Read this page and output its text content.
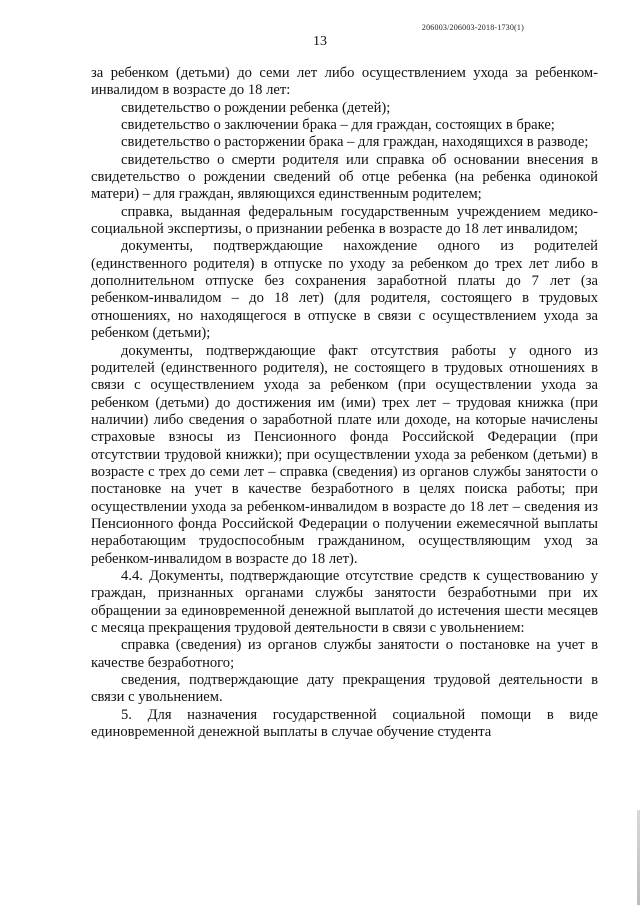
206003/206003-2018-1730(1)
13

за ребенком (детьми) до семи лет либо осуществлением ухода за ребенком-инвалидом в возрасте до 18 лет:

свидетельство о рождении ребенка (детей);

свидетельство о заключении брака – для граждан, состоящих в браке;

свидетельство о расторжении брака – для граждан, находящихся в разводе;

свидетельство о смерти родителя или справка об основании внесения в свидетельство о рождении сведений об отце ребенка (на ребенка одинокой матери) – для граждан, являющихся единственным родителем;

справка, выданная федеральным государственным учреждением медико-социальной экспертизы, о признании ребенка в возрасте до 18 лет инвалидом;

документы, подтверждающие нахождение одного из родителей (единственного родителя) в отпуске по уходу за ребенком до трех лет либо в дополнительном отпуске без сохранения заработной платы до 7 лет (за ребенком-инвалидом – до 18 лет) (для родителя, состоящего в трудовых отношениях, но находящегося в отпуске в связи с осуществлением ухода за ребенком (детьми);

документы, подтверждающие факт отсутствия работы у одного из родителей (единственного родителя), не состоящего в трудовых отношениях в связи с осуществлением ухода за ребенком (при осуществлении ухода за ребенком (детьми) до достижения им (ими) трех лет – трудовая книжка (при наличии) либо сведения о заработной плате или доходе, на которые начислены страховые взносы из Пенсионного фонда Российской Федерации (при отсутствии трудовой книжки); при осуществлении ухода за ребенком (детьми) в возрасте с трех до семи лет – справка (сведения) из органов службы занятости о постановке на учет в качестве безработного в целях поиска работы; при осуществлении ухода за ребенком-инвалидом в возрасте до 18 лет – сведения из Пенсионного фонда Российской Федерации о получении ежемесячной выплаты неработающим трудоспособным гражданином, осуществляющим уход за ребенком-инвалидом в возрасте до 18 лет).

4.4. Документы, подтверждающие отсутствие средств к существованию у граждан, признанных органами службы занятости безработными при их обращении за единовременной денежной выплатой до истечения шести месяцев с месяца прекращения трудовой деятельности в связи с увольнением:

справка (сведения) из органов службы занятости о постановке на учет в качестве безработного;

сведения, подтверждающие дату прекращения трудовой деятельности в связи с увольнением.

5. Для назначения государственной социальной помощи в виде единовременной денежной выплаты в случае обучение студента
